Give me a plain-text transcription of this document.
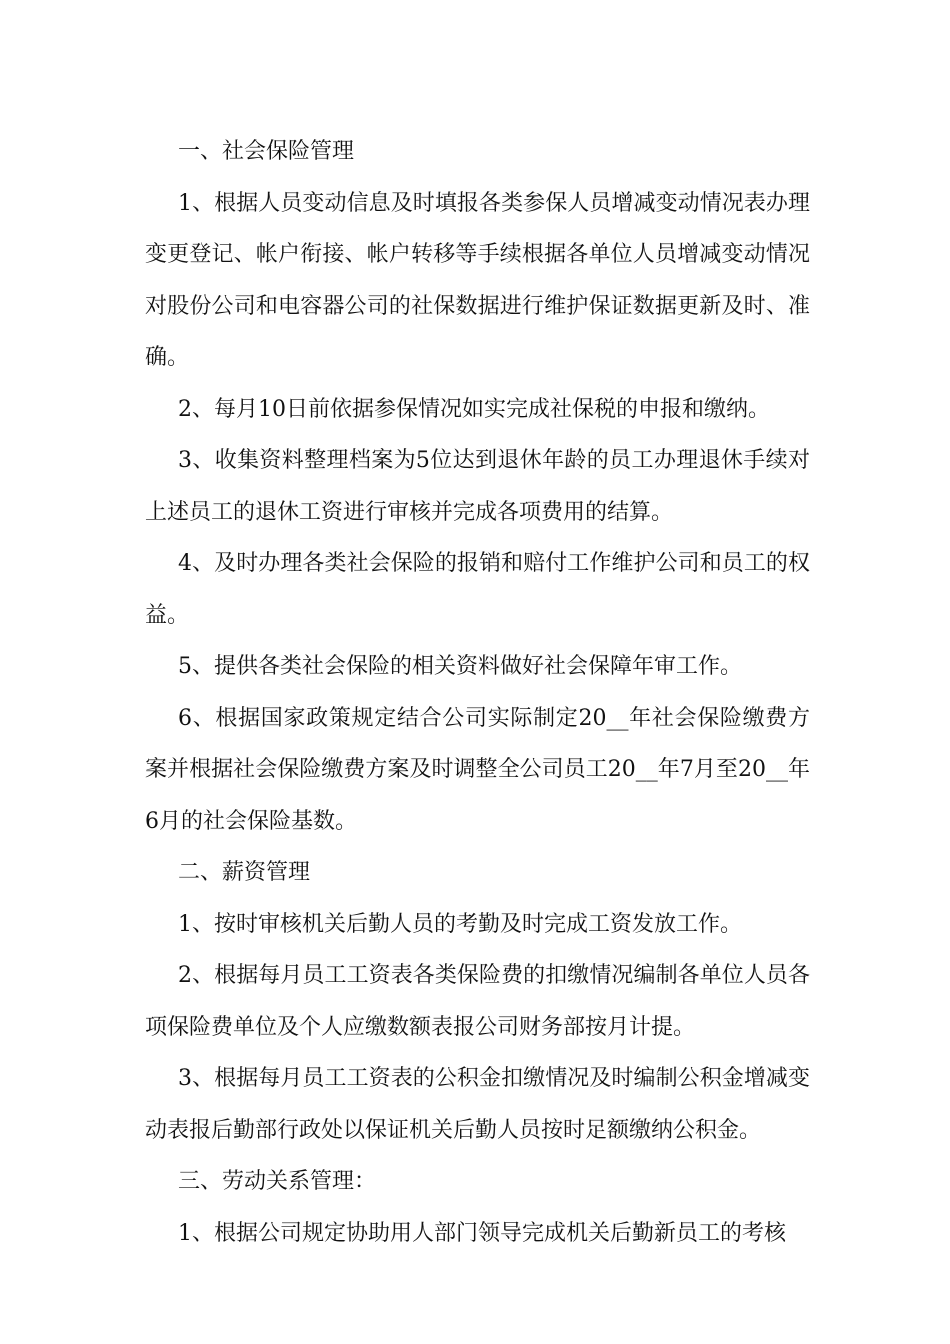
一、社会保险管理

1、根据人员变动信息及时填报各类参保人员增减变动情况表办理变更登记、帐户衔接、帐户转移等手续根据各单位人员增减变动情况对股份公司和电容器公司的社保数据进行维护保证数据更新及时、准确。

2、每月10日前依据参保情况如实完成社保税的申报和缴纳。

3、收集资料整理档案为5位达到退休年龄的员工办理退休手续对上述员工的退休工资进行审核并完成各项费用的结算。

4、及时办理各类社会保险的报销和赔付工作维护公司和员工的权益。

5、提供各类社会保险的相关资料做好社会保障年审工作。

6、根据国家政策规定结合公司实际制定20__年社会保险缴费方案并根据社会保险缴费方案及时调整全公司员工20__年7月至20__年6月的社会保险基数。

二、薪资管理

1、按时审核机关后勤人员的考勤及时完成工资发放工作。

2、根据每月员工工资表各类保险费的扣缴情况编制各单位人员各项保险费单位及个人应缴数额表报公司财务部按月计提。

3、根据每月员工工资表的公积金扣缴情况及时编制公积金增减变动表报后勤部行政处以保证机关后勤人员按时足额缴纳公积金。

三、劳动关系管理：

1、根据公司规定协助用人部门领导完成机关后勤新员工的考核
